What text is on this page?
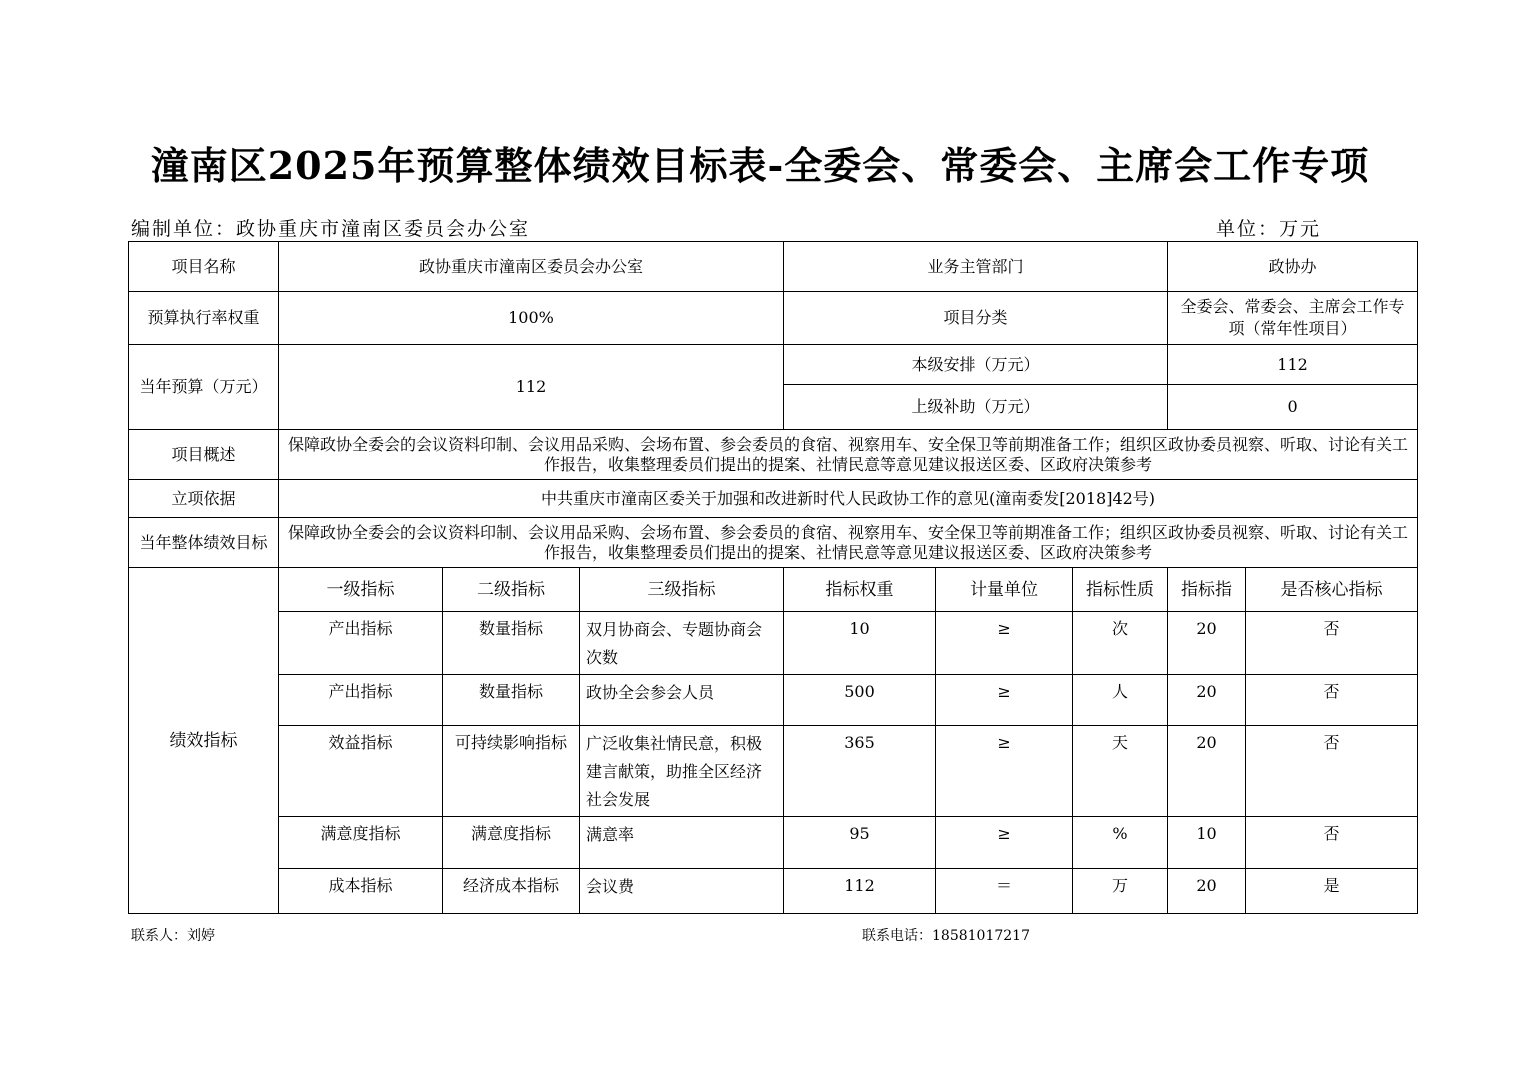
潼南区2025年预算整体绩效目标表-全委会、常委会、主席会工作专项
编制单位：政协重庆市潼南区委员会办公室	单位：万元
项目名称	政协重庆市潼南区委员会办公室			业务主管部门			政协办	
预算执行率权重	100%			项目分类			全委会、常委会、主席会工作专项（常年性项目）	
当年预算（万元）	112			本级安排（万元）			112	
				上级补助（万元）			0	
项目概述	保障政协全委会的会议资料印制、会议用品采购、会场布置、参会委员的食宿、视察用车、安全保卫等前期准备工作；组织区政协委员视察、听取、讨论有关工作报告，收集整理委员们提出的提案、社情民意等意见建议报送区委、区政府决策参考							
立项依据	中共重庆市潼南区委关于加强和改进新时代人民政协工作的意见(潼南委发[2018]42号)							
当年整体绩效目标	保障政协全委会的会议资料印制、会议用品采购、会场布置、参会委员的食宿、视察用车、安全保卫等前期准备工作；组织区政协委员视察、听取、讨论有关工作报告，收集整理委员们提出的提案、社情民意等意见建议报送区委、区政府决策参考							
绩效指标	一级指标	二级指标	三级指标	指标权重	计量单位	指标性质	指标指	是否核心指标
	产出指标	数量指标	双月协商会、专题协商会次数	10	≥	次	20	否
	产出指标	数量指标	政协全会参会人员	500	≥	人	20	否
	效益指标	可持续影响指标	广泛收集社情民意，积极建言献策，助推全区经济社会发展	365	≥	天	20	否
	满意度指标	满意度指标	满意率	95	≥	%	10	否
	成本指标	经济成本指标	会议费	112	＝	万	20	是
联系人：刘婷	联系电话：18581017217
